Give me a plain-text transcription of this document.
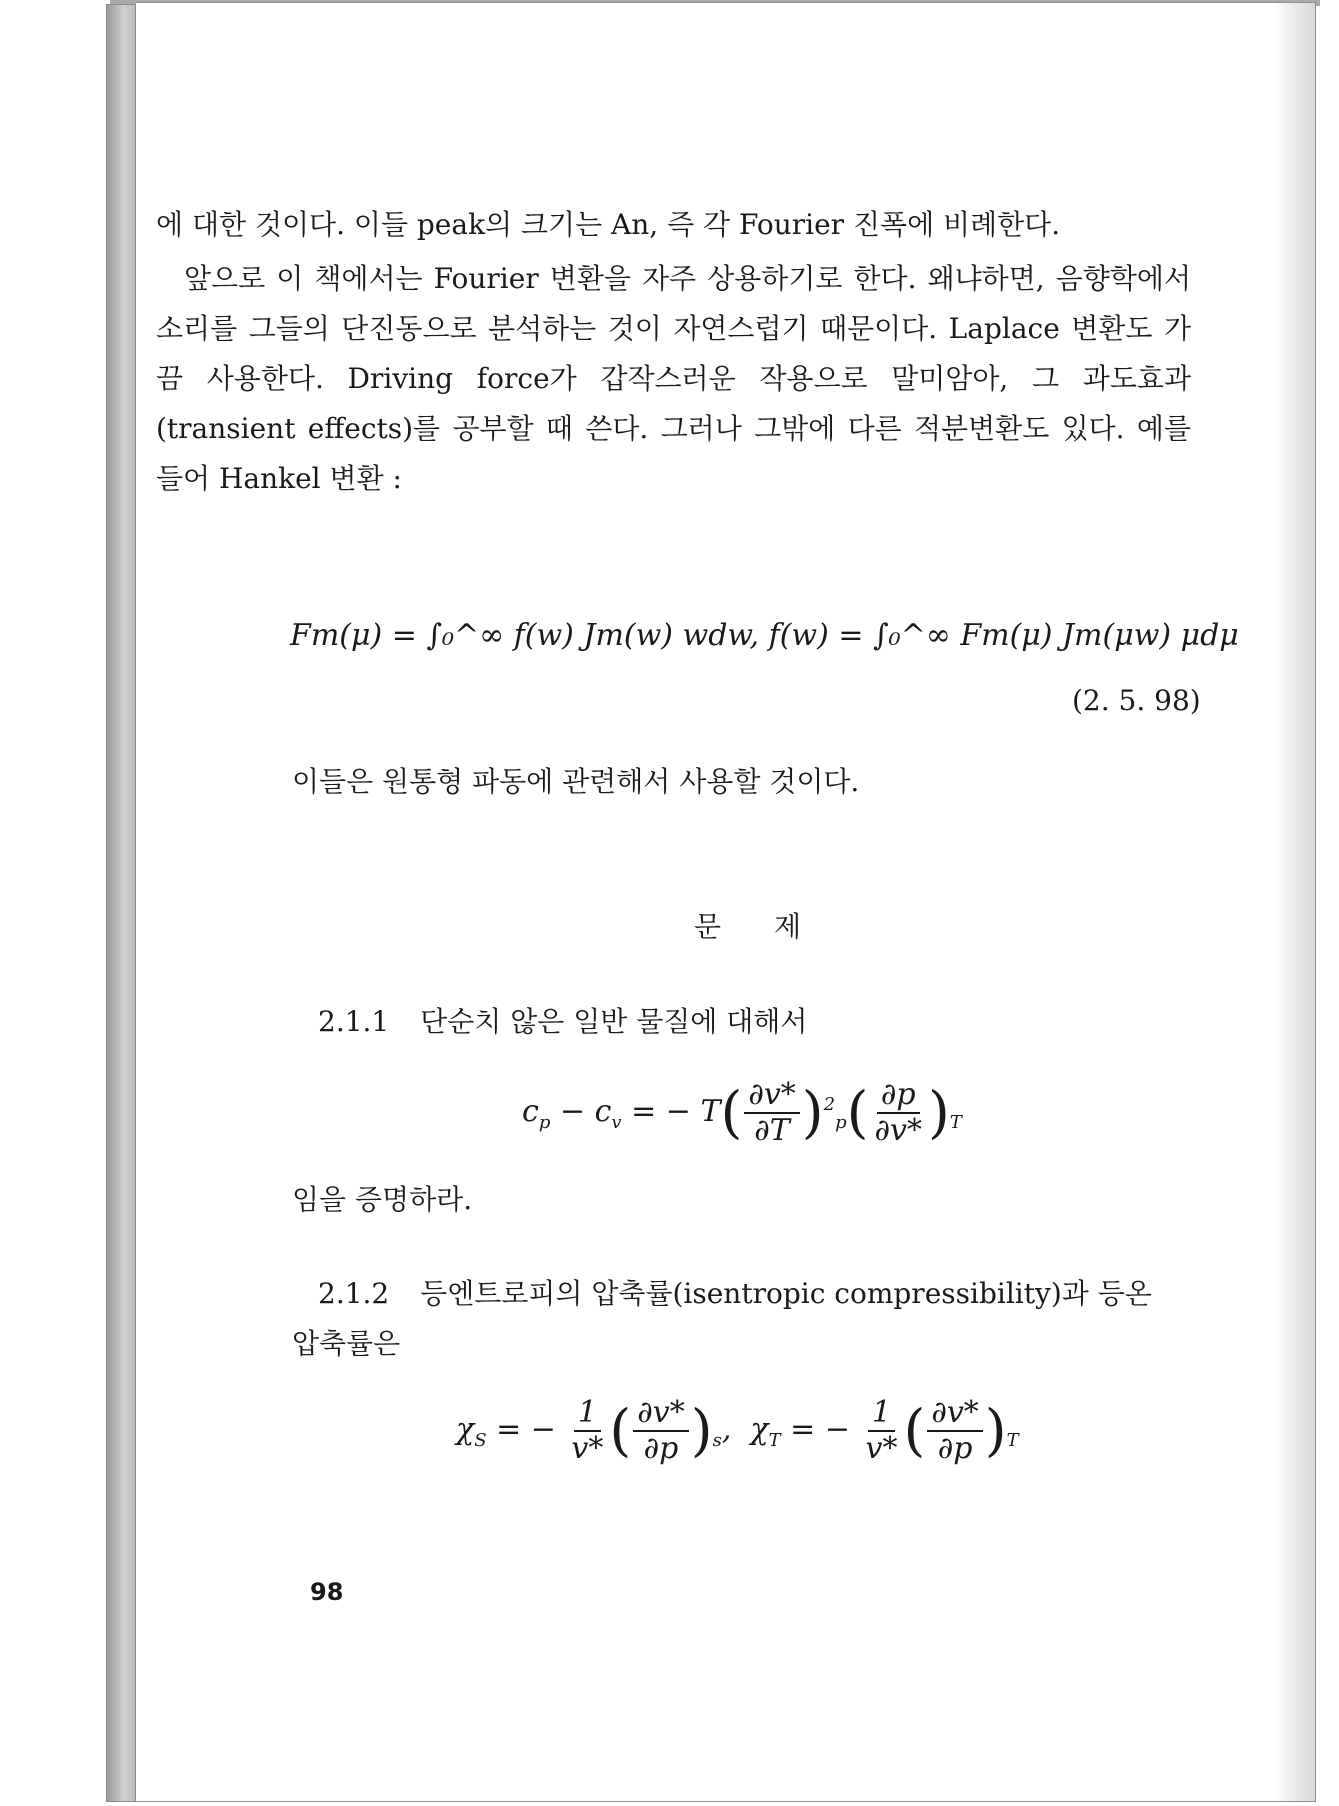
에 대한 것이다. 이들 peak의 크기는 An, 즉 각 Fourier 진폭에 비례한다.

앞으로 이 책에서는 Fourier 변환을 자주 상용하기로 한다. 왜냐하면, 음향학에서 소리를 그들의 단진동으로 분석하는 것이 자연스럽기 때문이다. Laplace 변환도 가끔 사용한다. Driving force가 갑작스러운 작용으로 말미암아, 그 과도효과(transient effects)를 공부할 때 쓴다. 그러나 그밖에 다른 적분변환도 있다. 예를 들어 Hankel 변환 :

Fm(μ) = ∫₀^∞ f(w) Jm(w) wdw, f(w) = ∫₀^∞ Fm(μ) Jm(μw) μdμ
(2. 5. 98)
이들은 원통형 파동에 관련해서 사용할 것이다.
문 제
2.1.1 단순치 않은 일반 물질에 대해서
$c_p - c_v$ = − $T( \frac{\partial v*}{\partial T} )^2_p( \frac{\partial p}{\partial v*} )_T$
임을 증명하라.
2.1.2 등엔트로피의 압축률(isentropic compressibility)과 등온
압축률은
$\chi_S$ = − $\frac{1}{v*}$ ( $\frac{\partial v*}{\partial p} )_s$,  $\chi_T$ = − $\frac{1}{v*}$ ( $\frac{\partial v*}{\partial p} )_T$
98
